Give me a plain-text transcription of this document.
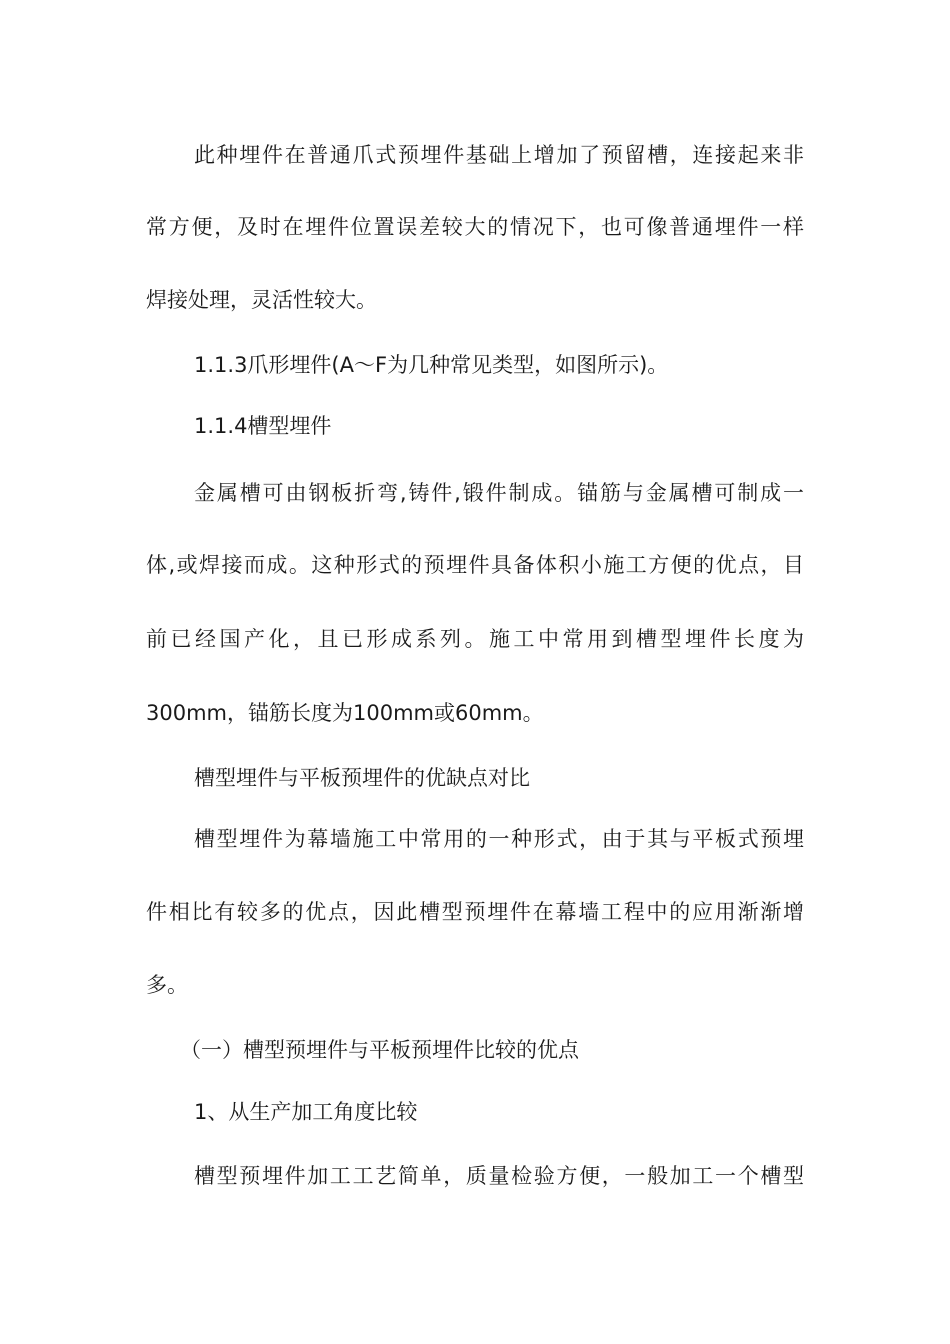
此种埋件在普通爪式预埋件基础上增加了预留槽，连接起来非
常方便，及时在埋件位置误差较大的情况下，也可像普通埋件一样
焊接处理，灵活性较大。
1.1.3爪形埋件(A～F为几种常见类型，如图所示)。
1.1.4槽型埋件
金属槽可由钢板折弯,铸件,锻件制成。锚筋与金属槽可制成一
体,或焊接而成。这种形式的预埋件具备体积小施工方便的优点，目
前已经国产化，且已形成系列。施工中常用到槽型埋件长度为
300mm，锚筋长度为100mm或60mm。
槽型埋件与平板预埋件的优缺点对比
槽型埋件为幕墙施工中常用的一种形式，由于其与平板式预埋
件相比有较多的优点，因此槽型预埋件在幕墙工程中的应用渐渐增
多。
（一）槽型预埋件与平板预埋件比较的优点
1、从生产加工角度比较
槽型预埋件加工工艺简单，质量检验方便，一般加工一个槽型
